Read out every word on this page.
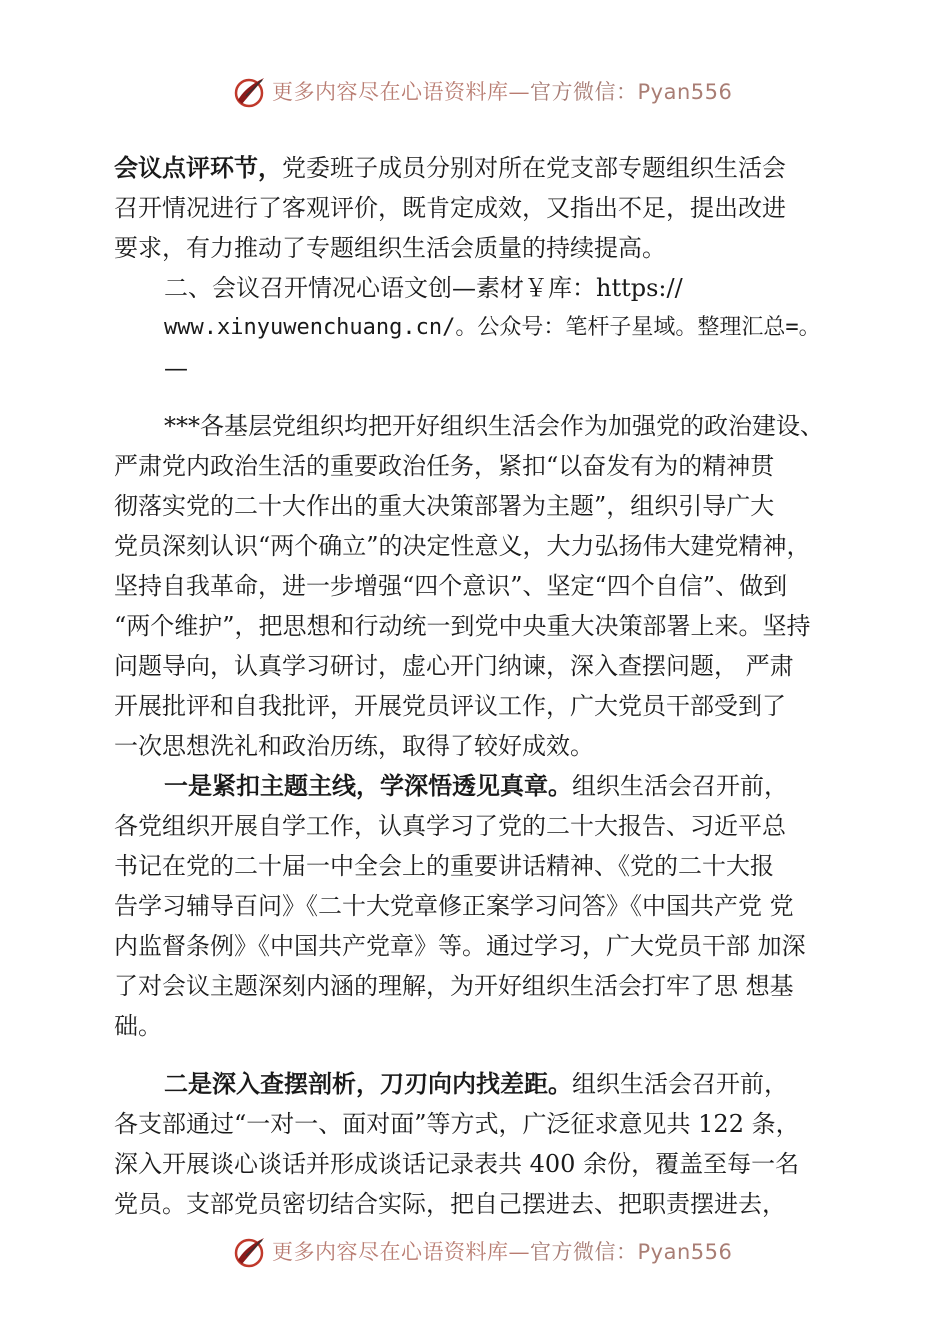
更多内容尽在心语资料库—官方微信：Pyan556
会议点评环节，党委班子成员分别对所在党支部专题组织生活会
召开情况进行了客观评价，既肯定成效，又指出不足，提出改进
要求，有力推动了专题组织生活会质量的持续提高。
二、会议召开情况心语文创—素材￥库：https://
www.xinyuwenchuang.cn/。公众号：笔杆子星域。整理汇总=。
—
***各基层党组织均把开好组织生活会作为加强党的政治建设、
严肃党内政治生活的重要政治任务，紧扣“以奋发有为的精神贯
彻落实党的二十大作出的重大决策部署为主题”，组织引导广大
党员深刻认识“两个确立”的决定性意义，大力弘扬伟大建党精神，
坚持自我革命，进一步增强“四个意识”、坚定“四个自信”、做到
“两个维护”，把思想和行动统一到党中央重大决策部署上来。坚持
问题导向，认真学习研讨，虚心开门纳谏，深入查摆问题， 严肃
开展批评和自我批评，开展党员评议工作，广大党员干部受到了
一次思想洗礼和政治历练，取得了较好成效。
一是紧扣主题主线，学深悟透见真章。组织生活会召开前，
各党组织开展自学工作，认真学习了党的二十大报告、习近平总
书记在党的二十届一中全会上的重要讲话精神、《党的二十大报
告学习辅导百问》《二十大党章修正案学习问答》《中国共产党 党
内监督条例》《中国共产党章》等。通过学习，广大党员干部 加深
了对会议主题深刻内涵的理解，为开好组织生活会打牢了思 想基
础。
二是深入查摆剖析，刀刃向内找差距。组织生活会召开前，
各支部通过“一对一、面对面”等方式，广泛征求意见共 122 条，
深入开展谈心谈话并形成谈话记录表共 400 余份，覆盖至每一名
党员。支部党员密切结合实际，把自己摆进去、把职责摆进去，
更多内容尽在心语资料库—官方微信：Pyan556
